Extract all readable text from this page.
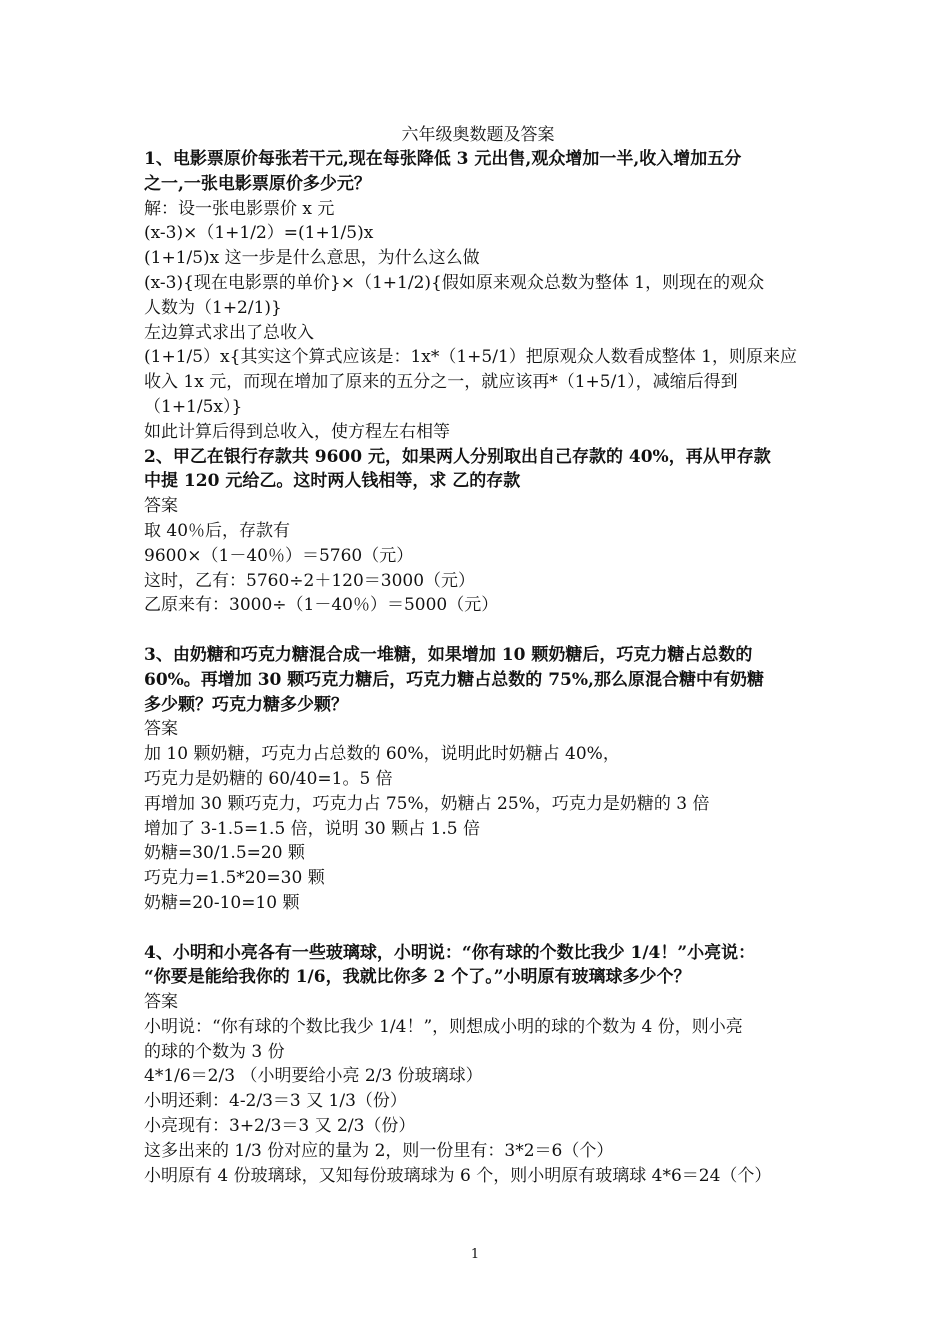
六年级奥数题及答案
1、电影票原价每张若干元,现在每张降低 3 元出售,观众增加一半,收入增加五分
之一,一张电影票原价多少元？
解：设一张电影票价 x 元
(x-3)×（1+1/2）=(1+1/5)x
(1+1/5)x 这一步是什么意思，为什么这么做
(x-3){现在电影票的单价}×（1+1/2){假如原来观众总数为整体 1，则现在的观众
人数为（1+2/1)}
左边算式求出了总收入
(1+1/5）x{其实这个算式应该是：1x*（1+5/1）把原观众人数看成整体 1，则原来应
收入 1x 元，而现在增加了原来的五分之一，就应该再*（1+5/1），减缩后得到
（1+1/5x）}
如此计算后得到总收入，使方程左右相等
2、甲乙在银行存款共 9600 元，如果两人分别取出自己存款的 40%，再从甲存款
中提 120 元给乙。这时两人钱相等，求 乙的存款
答案
取 40％后，存款有
9600×（1－40％）＝5760（元）
这时，乙有：5760÷2＋120＝3000（元）
乙原来有：3000÷（1－40％）＝5000（元）
3、由奶糖和巧克力糖混合成一堆糖，如果增加 10 颗奶糖后，巧克力糖占总数的
60%。再增加 30 颗巧克力糖后，巧克力糖占总数的 75%,那么原混合糖中有奶糖
多少颗？巧克力糖多少颗？
答案
加 10 颗奶糖，巧克力占总数的 60%，说明此时奶糖占 40%，
巧克力是奶糖的 60/40=1。5 倍
再增加 30 颗巧克力，巧克力占 75%，奶糖占 25%，巧克力是奶糖的 3 倍
增加了 3-1.5=1.5 倍，说明 30 颗占 1.5 倍
奶糖=30/1.5=20 颗
巧克力=1.5*20=30 颗
奶糖=20-10=10 颗
4、小明和小亮各有一些玻璃球，小明说：“你有球的个数比我少 1/4！”小亮说：
“你要是能给我你的 1/6，我就比你多 2 个了。”小明原有玻璃球多少个？
答案
小明说：“你有球的个数比我少 1/4！”，则想成小明的球的个数为 4 份，则小亮
的球的个数为 3 份
4*1/6＝2/3 （小明要给小亮 2/3 份玻璃球）
小明还剩：4-2/3＝3 又 1/3（份）
小亮现有：3+2/3＝3 又 2/3（份）
这多出来的 1/3 份对应的量为 2，则一份里有：3*2＝6（个）
小明原有 4 份玻璃球，又知每份玻璃球为 6 个，则小明原有玻璃球 4*6＝24（个）
1
